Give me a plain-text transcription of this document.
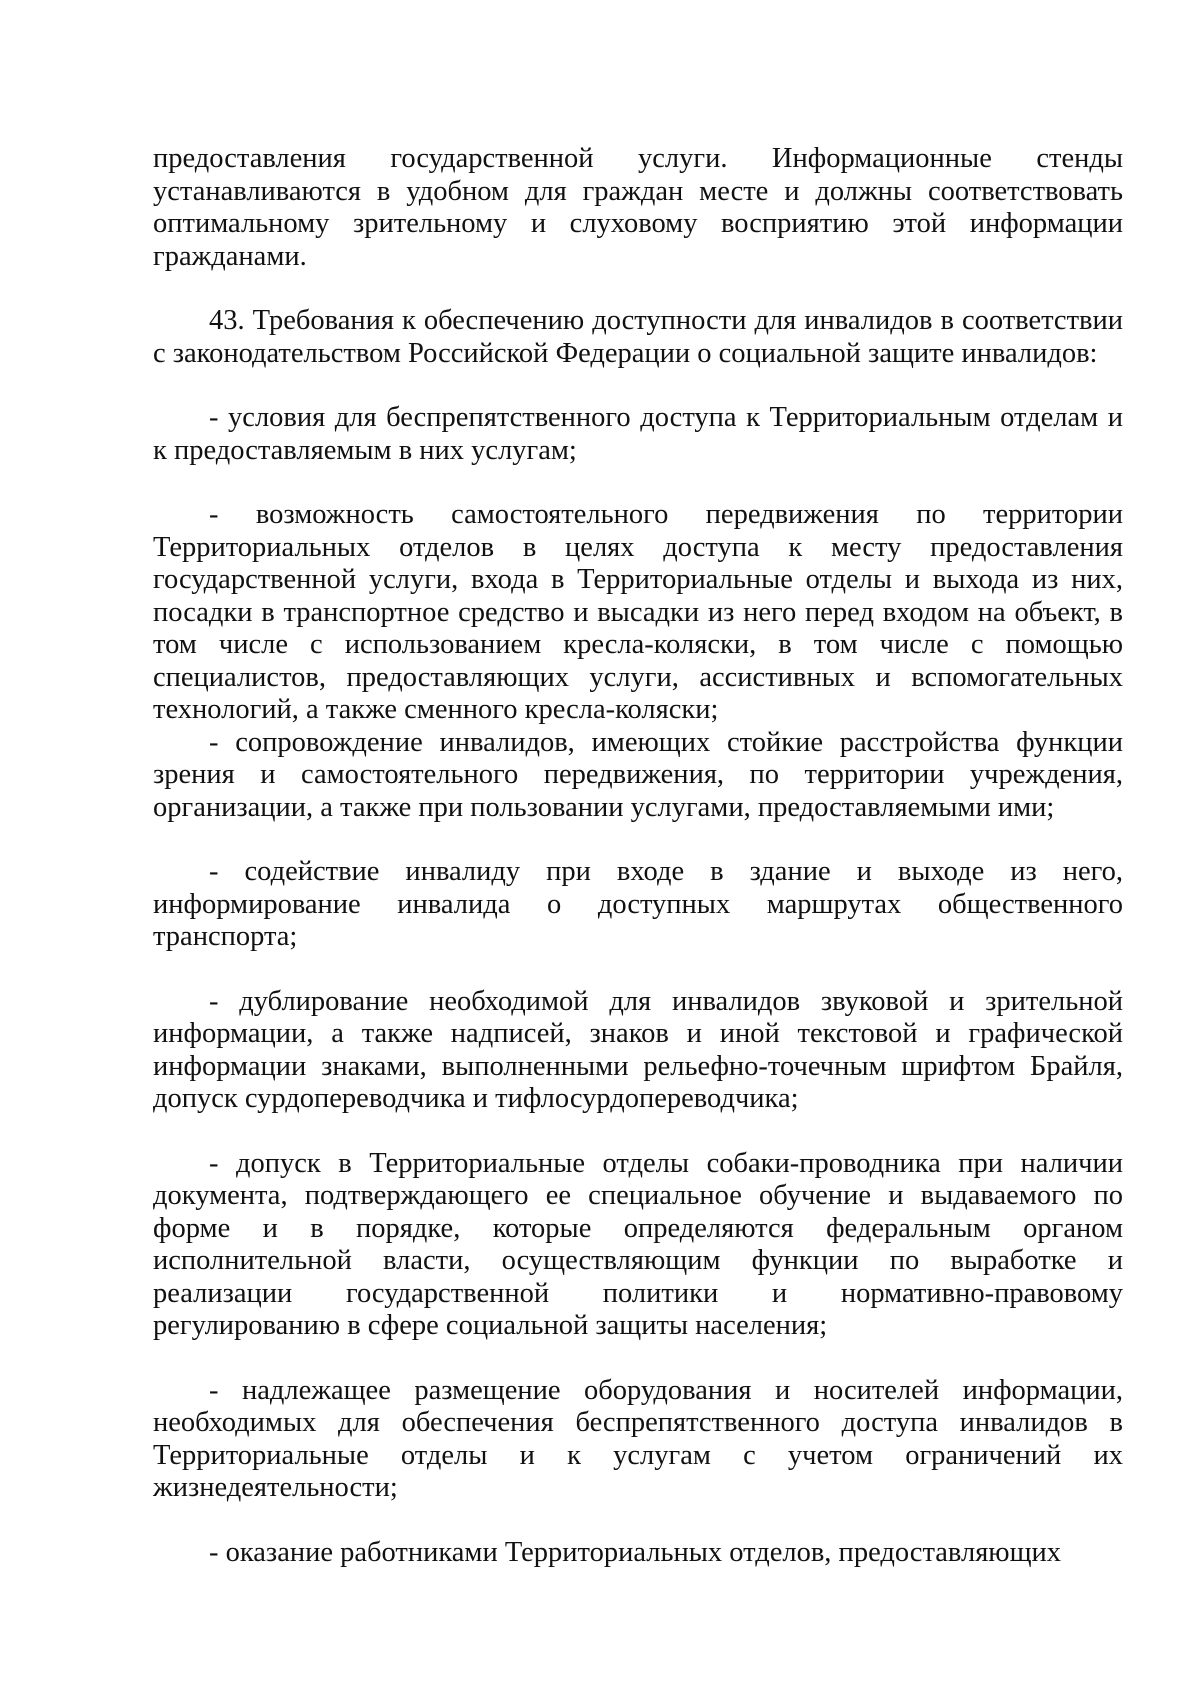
предоставления государственной услуги. Информационные стенды устанавливаются в удобном для граждан месте и должны соответствовать оптимальному зрительному и слуховому восприятию этой информации гражданами.

43. Требования к обеспечению доступности для инвалидов в соответствии с законодательством Российской Федерации о социальной защите инвалидов:

- условия для беспрепятственного доступа к Территориальным отделам и к предоставляемым в них услугам;

- возможность самостоятельного передвижения по территории Территориальных отделов в целях доступа к месту предоставления государственной услуги, входа в Территориальные отделы и выхода из них, посадки в транспортное средство и высадки из него перед входом на объект, в том числе с использованием кресла-коляски, в том числе с помощью специалистов, предоставляющих услуги, ассистивных и вспомогательных технологий, а также сменного кресла-коляски;

- сопровождение инвалидов, имеющих стойкие расстройства функции зрения и самостоятельного передвижения, по территории учреждения, организации, а также при пользовании услугами, предоставляемыми ими;

- содействие инвалиду при входе в здание и выходе из него, информирование инвалида о доступных маршрутах общественного транспорта;

- дублирование необходимой для инвалидов звуковой и зрительной информации, а также надписей, знаков и иной текстовой и графической информации знаками, выполненными рельефно-точечным шрифтом Брайля, допуск сурдопереводчика и тифлосурдопереводчика;

- допуск в Территориальные отделы собаки-проводника при наличии документа, подтверждающего ее специальное обучение и выдаваемого по форме и в порядке, которые определяются федеральным органом исполнительной власти, осуществляющим функции по выработке и реализации государственной политики и нормативно-правовому регулированию в сфере социальной защиты населения;

- надлежащее размещение оборудования и носителей информации, необходимых для обеспечения беспрепятственного доступа инвалидов в Территориальные отделы и к услугам с учетом ограничений их жизнедеятельности;

- оказание работниками Территориальных отделов, предоставляющих
